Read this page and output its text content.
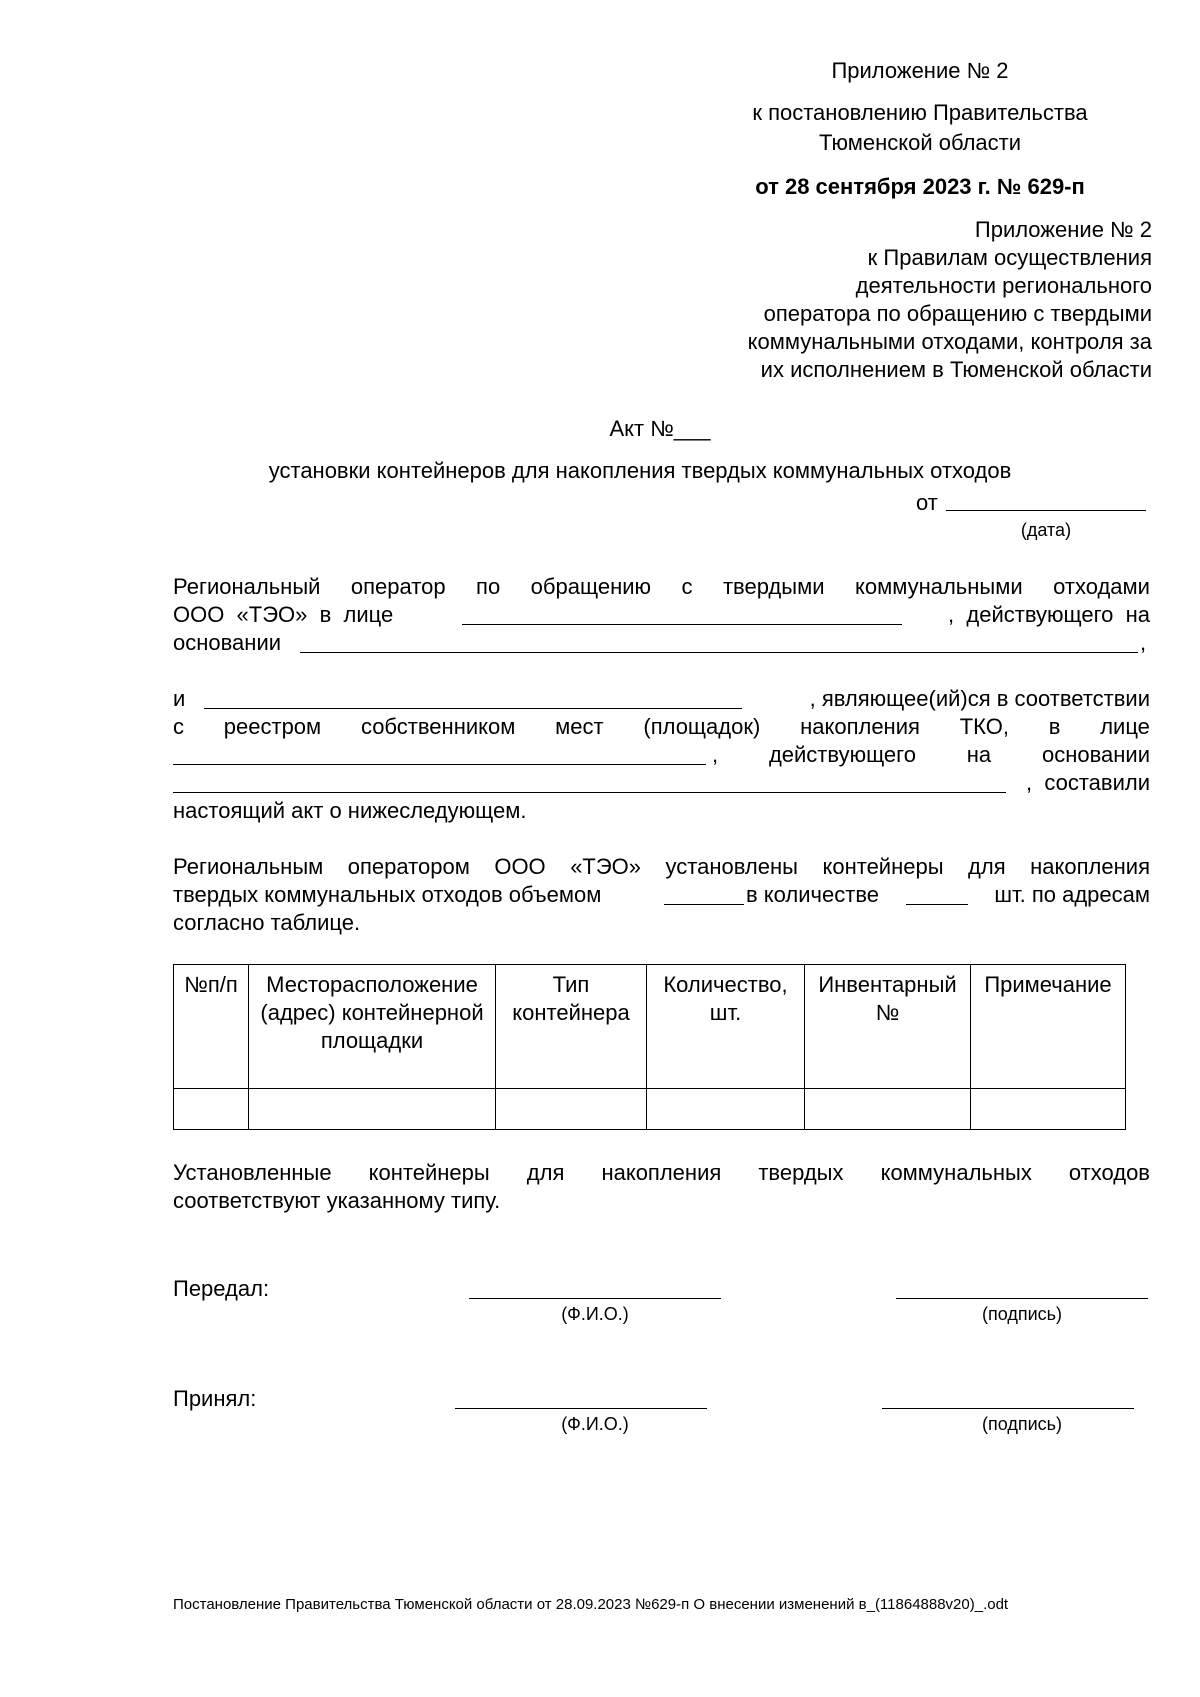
Приложение № 2
к постановлению Правительства
Тюменской области
от 28 сентября 2023 г. № 629-п
Приложение № 2
к Правилам осуществления
деятельности регионального
оператора по обращению с твердыми
коммунальными отходами, контроля за
их исполнением в Тюменской области
Акт №___
установки контейнеров для накопления твердых коммунальных отходов
от
(дата)
Региональный оператор по обращению с твердыми коммунальными отходами
ООО  «ТЭО»  в  лице	,  действующего  на
основании	,
и	, являющее(ий)ся в соответствии
с реестром собственником мест (площадок) накопления ТКО, в лице
, действующего на основании
,  составили
настоящий акт о нижеследующем.
Региональным оператором ООО «ТЭО» установлены контейнеры для накопления
твердых коммунальных отходов объемом	в количестве	шт. по адресам
согласно таблице.
№п/п	Месторасположение (адрес) контейнерной площадки	Тип контейнера	Количество, шт.	Инвентарный №	Примечание

Установленные контейнеры для накопления твердых коммунальных отходов
соответствуют указанному типу.
Передал:
(Ф.И.О.)	(подпись)
Принял:
(Ф.И.О.)	(подпись)
Постановление Правительства Тюменской области от 28.09.2023 №629-п О внесении изменений в_(11864888v20)_.odt
